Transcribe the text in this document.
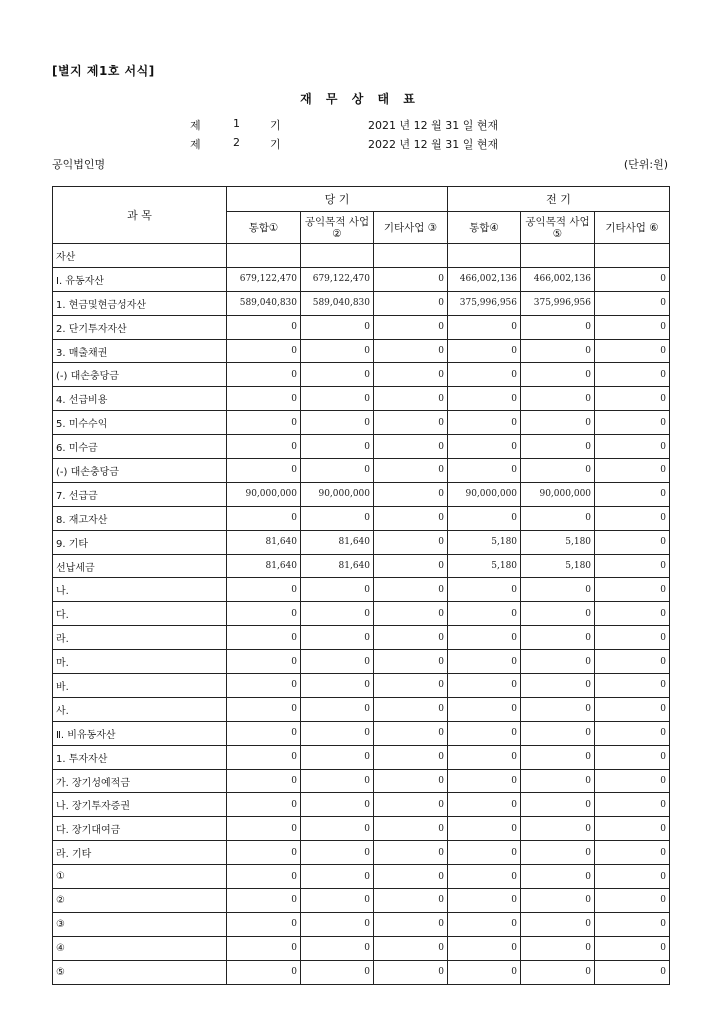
[별지 제1호 서식]
재 무 상 태 표
제	1	기	2021 년 12 월 31 일 현재
제	2	기	2022 년 12 월 31 일 현재
공익법인명	(단위:원)
과 목	당 기			전 기		
	통합①	공익목적 사업②	기타사업 ③	통합④	공익목적 사업⑤	기타사업 ⑥
자산						
Ⅰ. 유동자산	679,122,470	679,122,470	0	466,002,136	466,002,136	0
1. 현금및현금성자산	589,040,830	589,040,830	0	375,996,956	375,996,956	0
2. 단기투자자산	0	0	0	0	0	0
3. 매출채권	0	0	0	0	0	0
(-) 대손충당금	0	0	0	0	0	0
4. 선급비용	0	0	0	0	0	0
5. 미수수익	0	0	0	0	0	0
6. 미수금	0	0	0	0	0	0
(-) 대손충당금	0	0	0	0	0	0
7. 선급금	90,000,000	90,000,000	0	90,000,000	90,000,000	0
8. 재고자산	0	0	0	0	0	0
9. 기타	81,640	81,640	0	5,180	5,180	0
선납세금	81,640	81,640	0	5,180	5,180	0
나.	0	0	0	0	0	0
다.	0	0	0	0	0	0
라.	0	0	0	0	0	0
마.	0	0	0	0	0	0
바.	0	0	0	0	0	0
사.	0	0	0	0	0	0
Ⅱ. 비유동자산	0	0	0	0	0	0
1. 투자자산	0	0	0	0	0	0
가. 장기성예적금	0	0	0	0	0	0
나. 장기투자증권	0	0	0	0	0	0
다. 장기대여금	0	0	0	0	0	0
라. 기타	0	0	0	0	0	0
①	0	0	0	0	0	0
②	0	0	0	0	0	0
③	0	0	0	0	0	0
④	0	0	0	0	0	0
⑤	0	0	0	0	0	0
